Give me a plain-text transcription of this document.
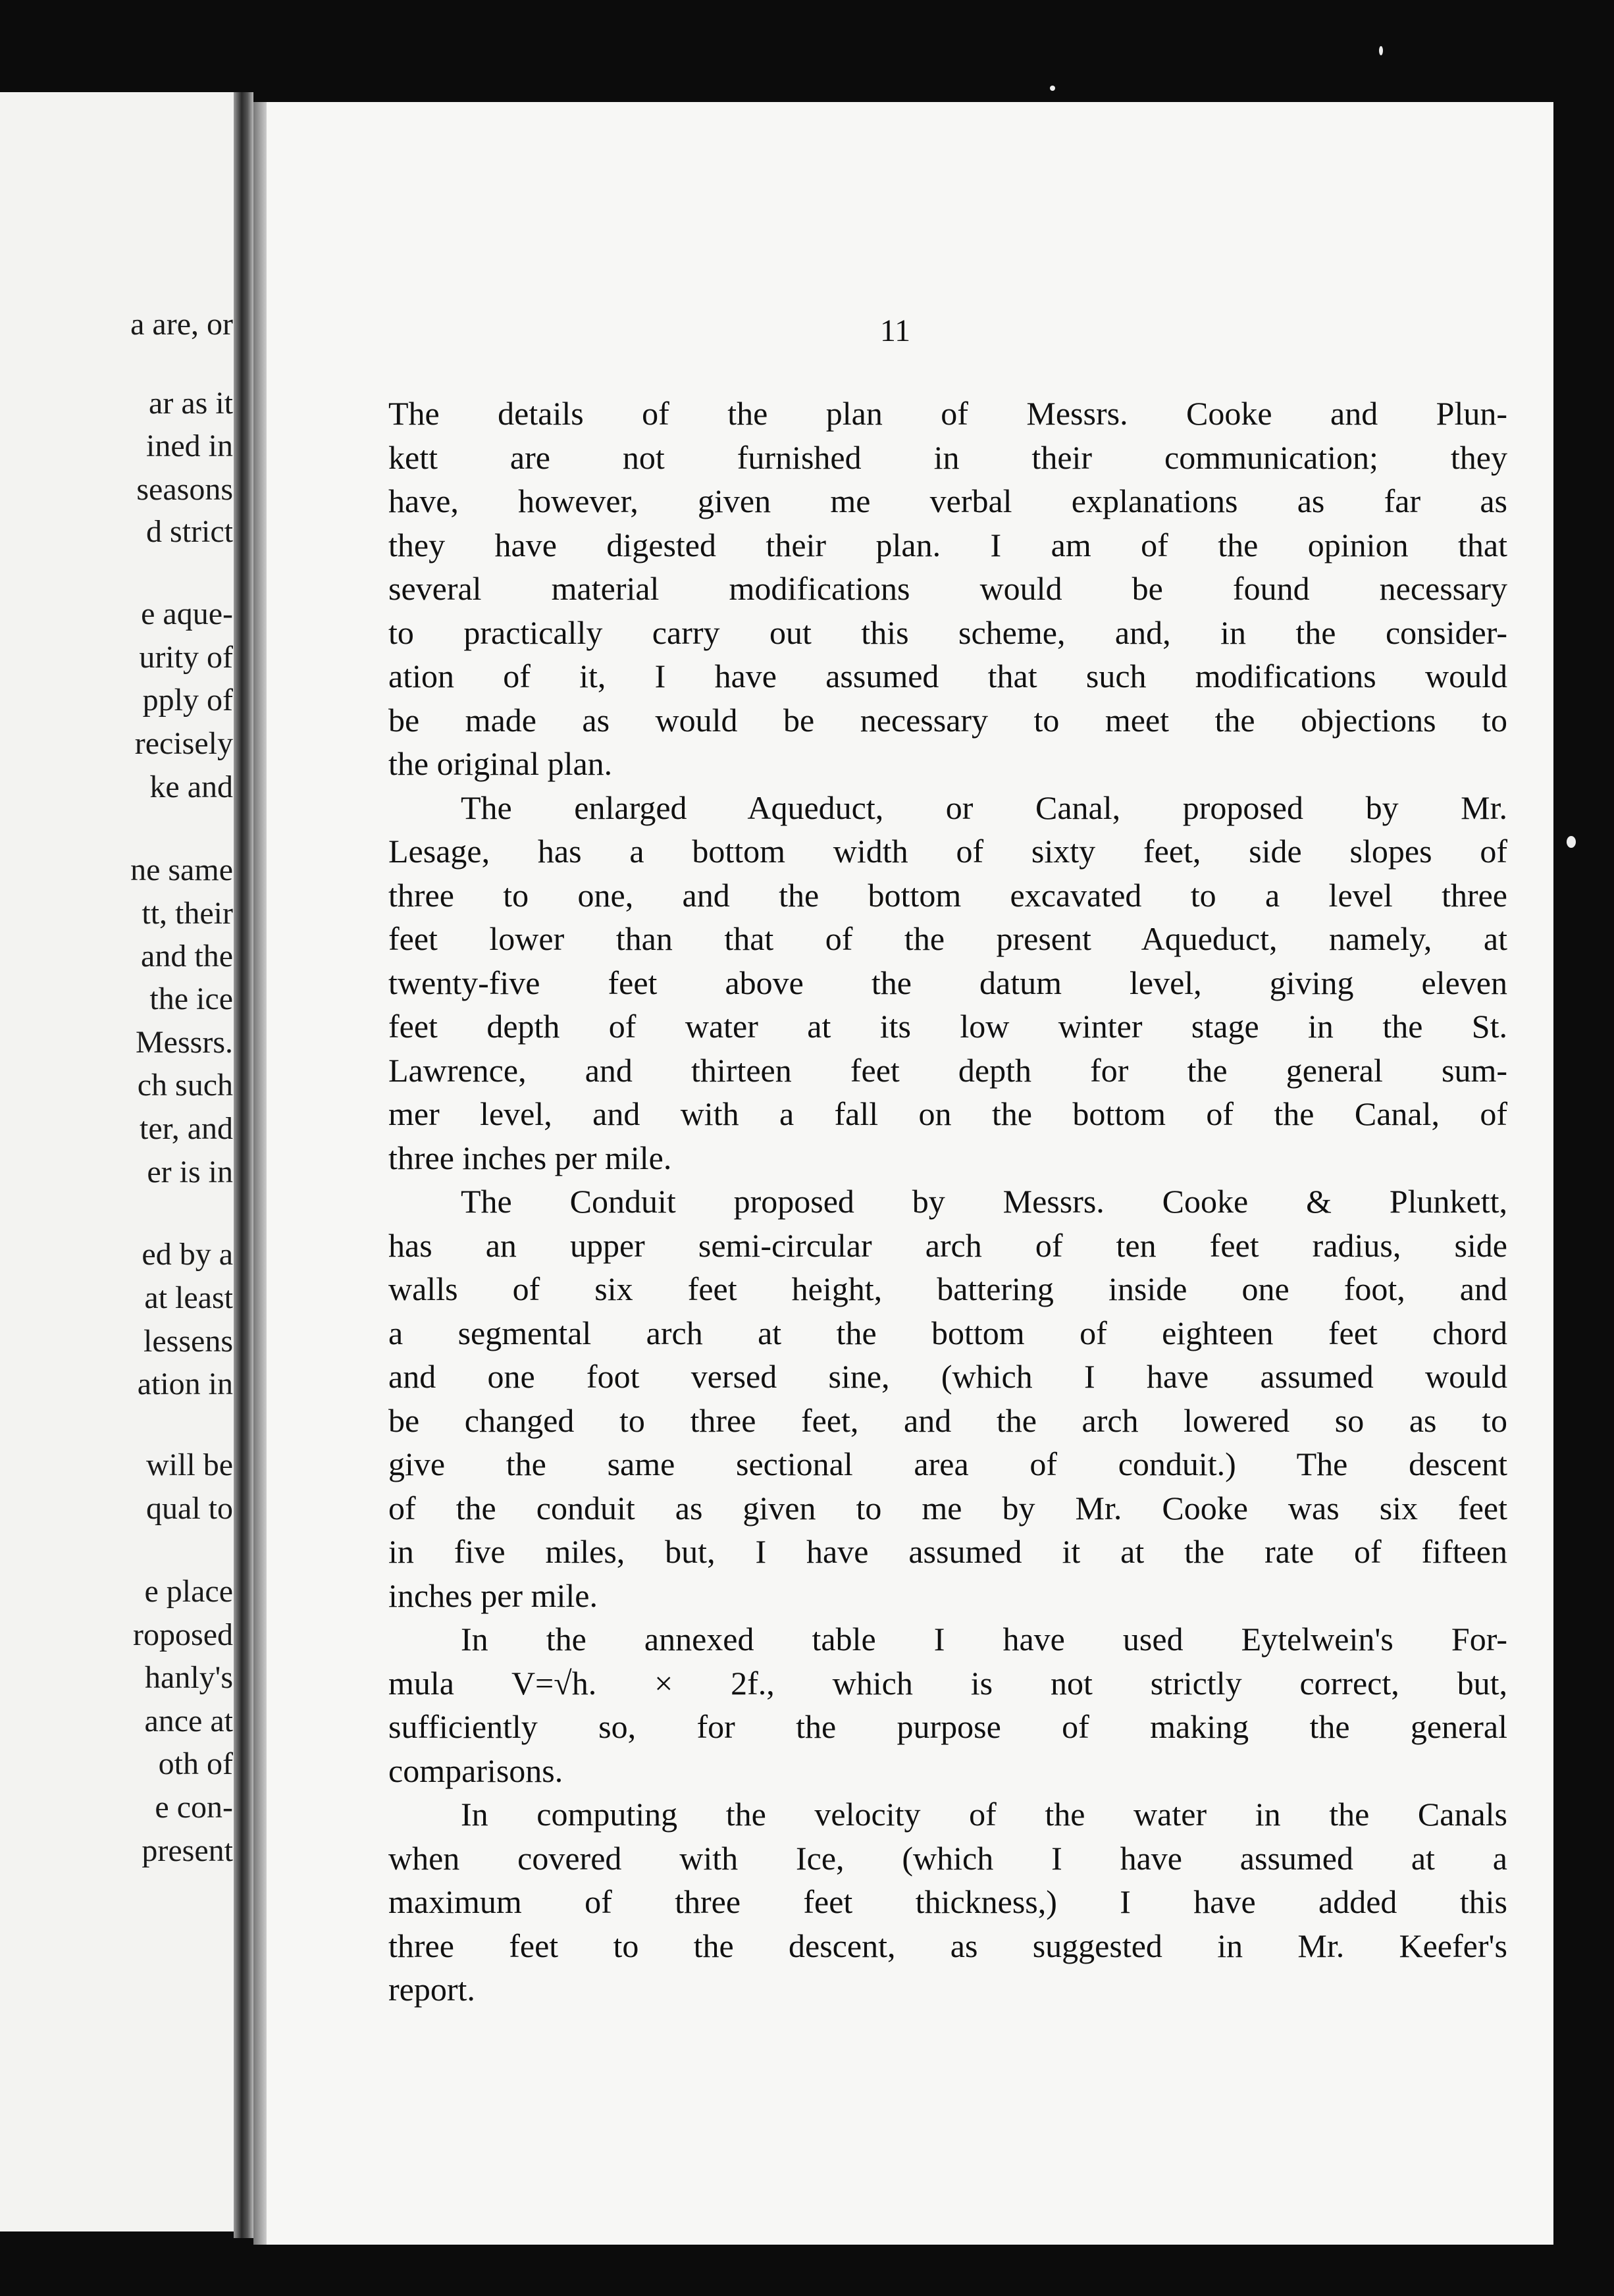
a are, or
ar as it
ined in
seasons
d strict
e aque-
urity of
pply of
recisely
ke and
ne same
tt, their
and the
the ice
Messrs.
ch such
ter, and
er is in
ed by a
at least
lessens
ation in
will be
qual to
e place
roposed
hanly's
ance at
oth of
e con-
present
11
The details of the plan of Messrs. Cooke and Plun-
kett are not furnished in their communication; they
have, however, given me verbal explanations as far as
they have digested their plan. I am of the opinion that
several material modifications would be found necessary
to practically carry out this scheme, and, in the consider-
ation of it, I have assumed that such modifications would
be made as would be necessary to meet the objections to
the original plan.
The enlarged Aqueduct, or Canal, proposed by Mr.
Lesage, has a bottom width of sixty feet, side slopes of
three to one, and the bottom excavated to a level three
feet lower than that of the present Aqueduct, namely, at
twenty-five feet above the datum level, giving eleven
feet depth of water at its low winter stage in the St.
Lawrence, and thirteen feet depth for the general sum-
mer level, and with a fall on the bottom of the Canal, of
three inches per mile.
The Conduit proposed by Messrs. Cooke & Plunkett,
has an upper semi-circular arch of ten feet radius, side
walls of six feet height, battering inside one foot, and
a segmental arch at the bottom of eighteen feet chord
and one foot versed sine, (which I have assumed would
be changed to three feet, and the arch lowered so as to
give the same sectional area of conduit.) The descent
of the conduit as given to me by Mr. Cooke was six feet
in five miles, but, I have assumed it at the rate of fifteen
inches per mile.
In the annexed table I have used Eytelwein's For-
mula V=√h. × 2f., which is not strictly correct, but,
sufficiently so, for the purpose of making the general
comparisons.
In computing the velocity of the water in the Canals
when covered with Ice, (which I have assumed at a
maximum of three feet thickness,) I have added this
three feet to the descent, as suggested in Mr. Keefer's
report.
